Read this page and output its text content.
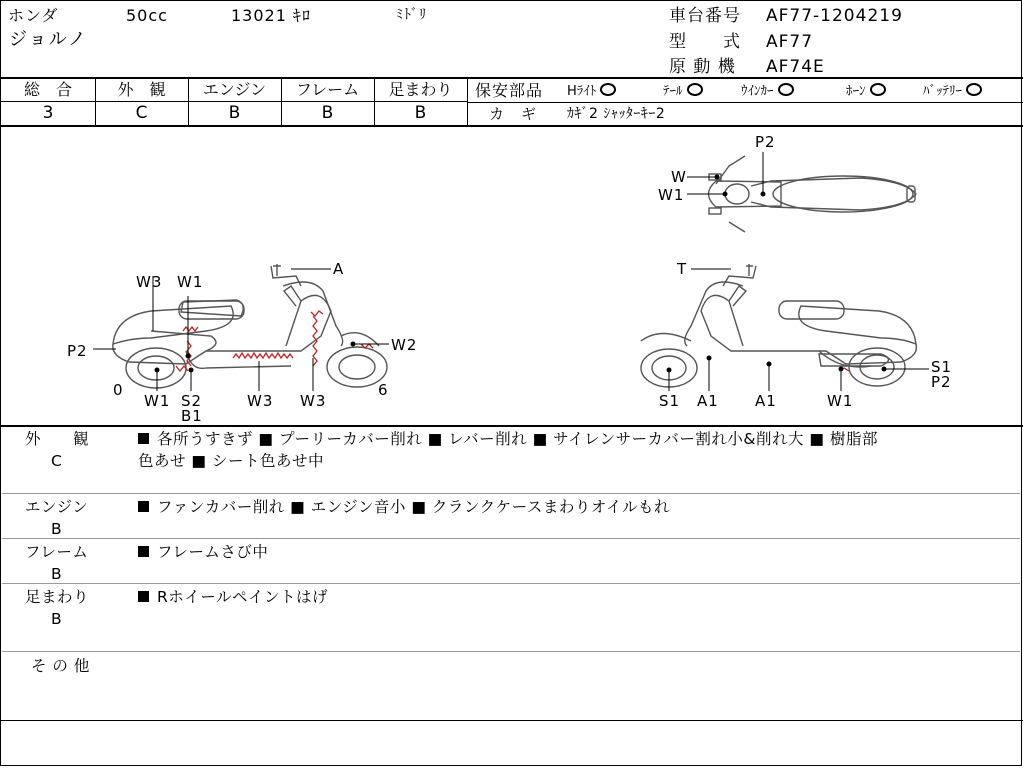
ホンダ	50cc	13021 ｷﾛ	ﾐﾄﾞﾘ
ジョルノ
車台番号 AF77-1204219
型　　式 AF77
原 動 機 AF74E
総　合	外　観	エンジン	フレーム	足まわり
3	C	B	B	B
保安部品 Hﾗｲﾄ	ﾃｰﾙ	ｳｲﾝｶｰ	ﾎｰﾝ	ﾊﾞｯﾃﾘｰ
カ　ギ ｶｷﾞ2 ｼｬｯﾀｰｷｰ2
W3 W1
A
P2	W2
0
W1 S2
B1
W3 W3
6
P2
W
W1
T
S1
P2
S1 A1 A1	W1
外　　観
C
各所うすきず ■ プーリーカバー削れ ■ レバー削れ ■ サイレンサーカバー割れ小&削れ大 ■ 樹脂部
色あせ ■ シート色あせ中
エンジン
B
ファンカバー削れ ■ エンジン音小 ■ クランクケースまわりオイルもれ
フレーム
B
フレームさび中
足まわり
B
Rホイールペイントはげ
そ の 他
